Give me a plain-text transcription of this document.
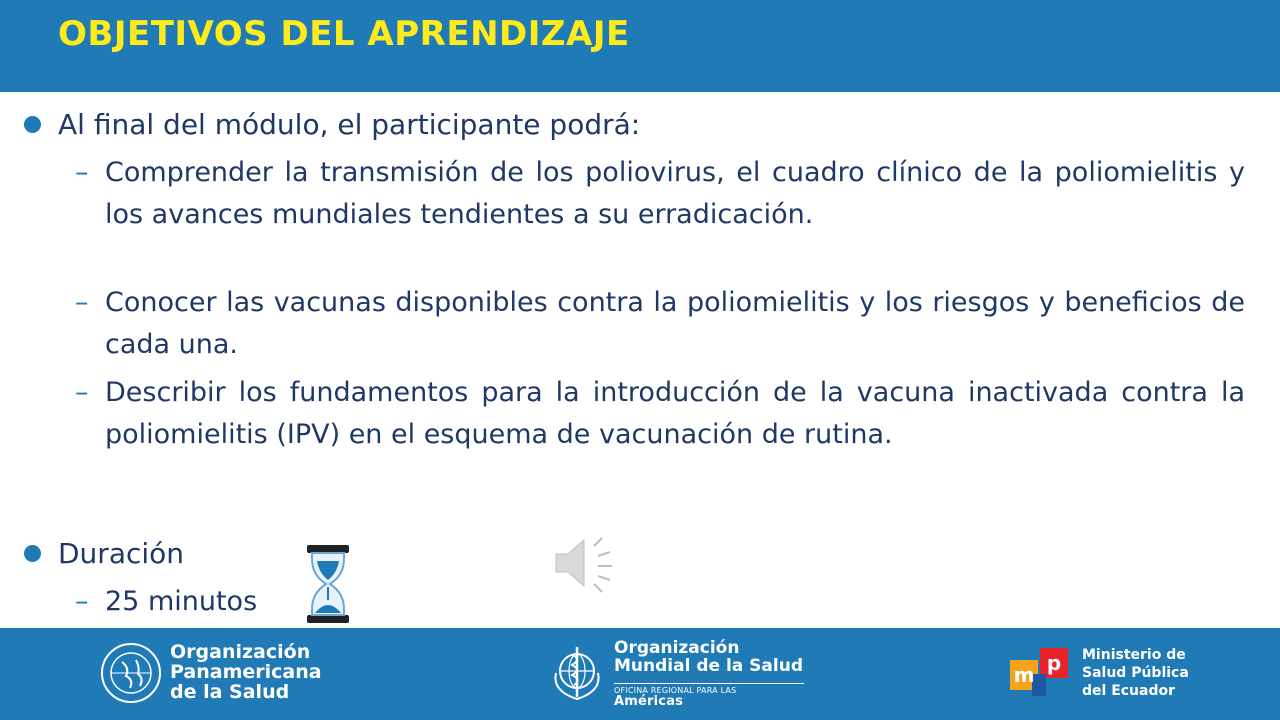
OBJETIVOS DEL APRENDIZAJE
Al final del módulo, el participante podrá:
– Comprender la transmisión de los poliovirus, el cuadro clínico de la poliomielitis y los avances mundiales tendientes a su erradicación.
– Conocer las vacunas disponibles contra la poliomielitis y los riesgos y beneficios de cada una.
– Describir los fundamentos para la introducción de la vacuna inactivada contra la poliomielitis (IPV) en el esquema de vacunación de rutina.
Duración
– 25 minutos
Organización
Panamericana
de la Salud
Organización
Mundial de la Salud
OFICINA REGIONAL PARA LAS Américas
m p Ministerio de
Salud Pública
del Ecuador
